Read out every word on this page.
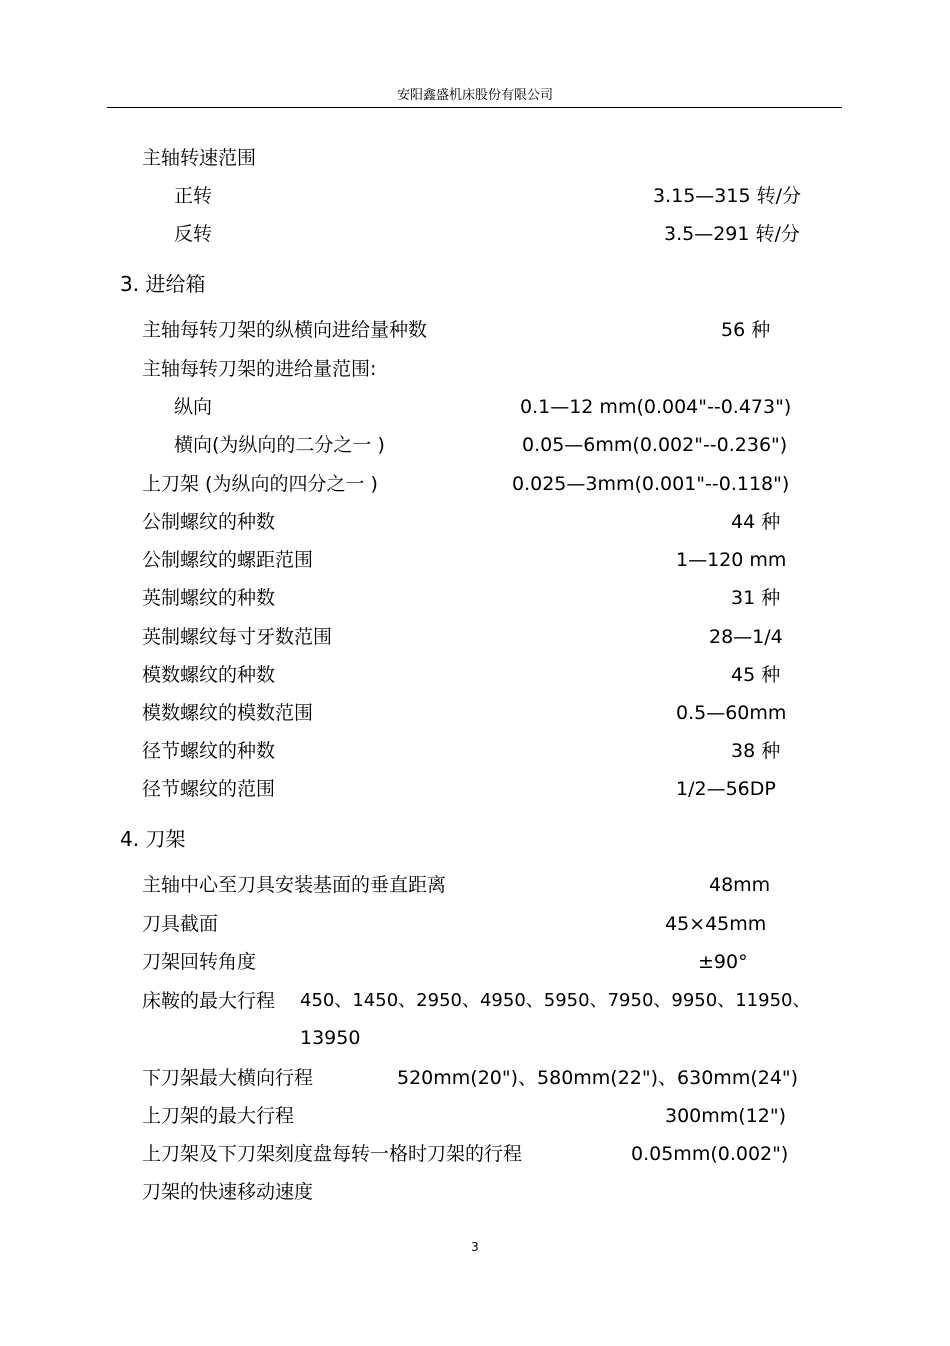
安阳鑫盛机床股份有限公司
主轴转速范围
正转	3.15—315 转/分
反转	3.5—291 转/分
3. 进给箱
主轴每转刀架的纵横向进给量种数	56 种
主轴每转刀架的进给量范围:
纵向	0.1—12 mm(0.004"--0.473")
横向(为纵向的二分之一 )	0.05—6mm(0.002"--0.236")
上刀架 (为纵向的四分之一 )	0.025—3mm(0.001"--0.118")
公制螺纹的种数	44 种
公制螺纹的螺距范围	1—120 mm
英制螺纹的种数	31 种
英制螺纹每寸牙数范围	28—1/4
模数螺纹的种数	45 种
模数螺纹的模数范围	0.5—60mm
径节螺纹的种数	38 种
径节螺纹的范围	1/2—56DP
4. 刀架
主轴中心至刀具安装基面的垂直距离	48mm
刀具截面	45×45mm
刀架回转角度	±90°
床鞍的最大行程 450、1450、2950、4950、5950、7950、9950、11950、
13950
下刀架最大横向行程	520mm(20")、580mm(22")、630mm(24")
上刀架的最大行程	300mm(12")
上刀架及下刀架刻度盘每转一格时刀架的行程	0.05mm(0.002")
刀架的快速移动速度
3
